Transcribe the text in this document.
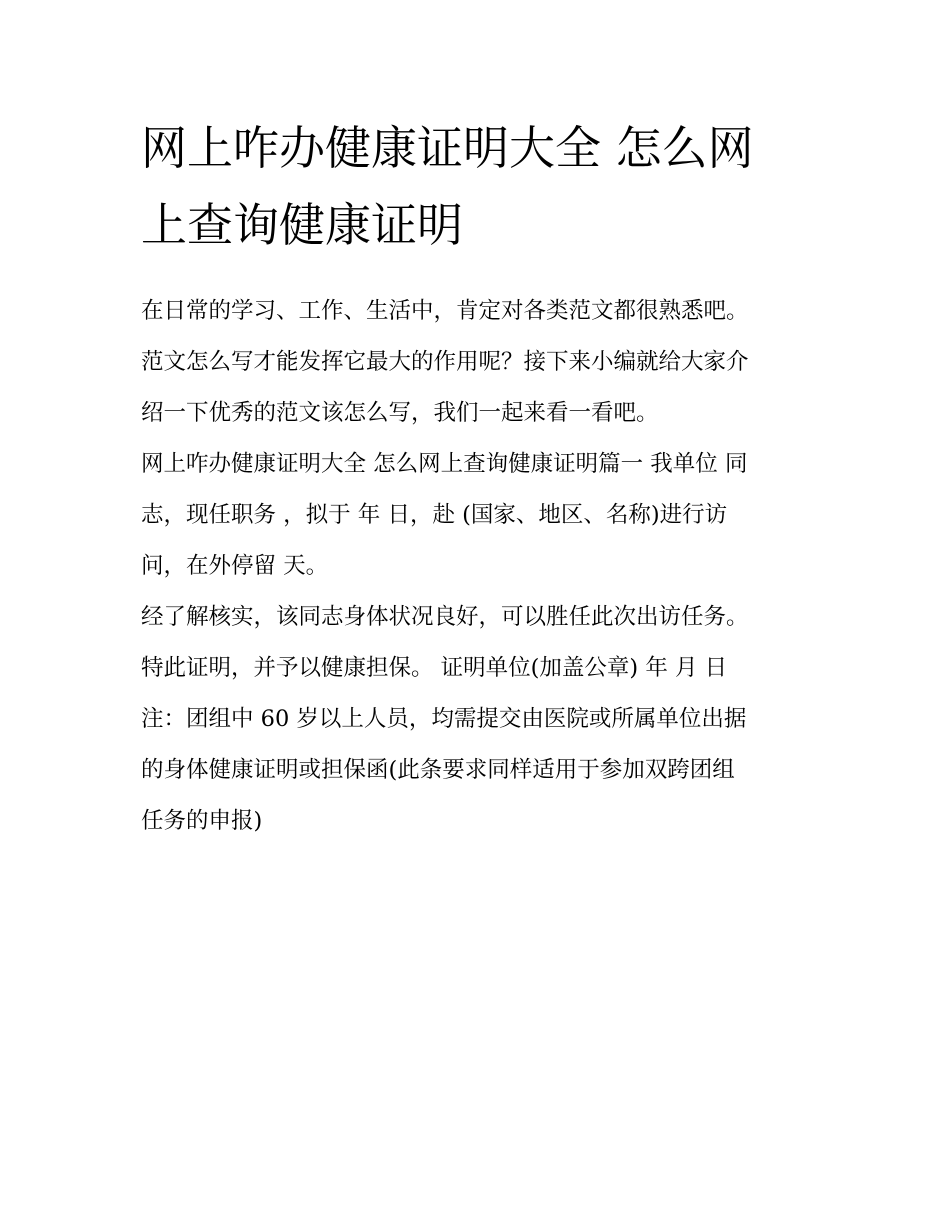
网上咋办健康证明大全 怎么网
上查询健康证明

在日常的学习、工作、生活中，肯定对各类范文都很熟悉吧。
范文怎么写才能发挥它最大的作用呢？接下来小编就给大家介
绍一下优秀的范文该怎么写，我们一起来看一看吧。

网上咋办健康证明大全 怎么网上查询健康证明篇一 我单位 同
志，现任职务 ，拟于 年 日，赴 (国家、地区、名称)进行访
问，在外停留 天。

经了解核实，该同志身体状况良好，可以胜任此次出访任务。
特此证明，并予以健康担保。 证明单位(加盖公章) 年 月 日

注：团组中 60 岁以上人员，均需提交由医院或所属单位出据
的身体健康证明或担保函(此条要求同样适用于参加双跨团组
任务的申报)
